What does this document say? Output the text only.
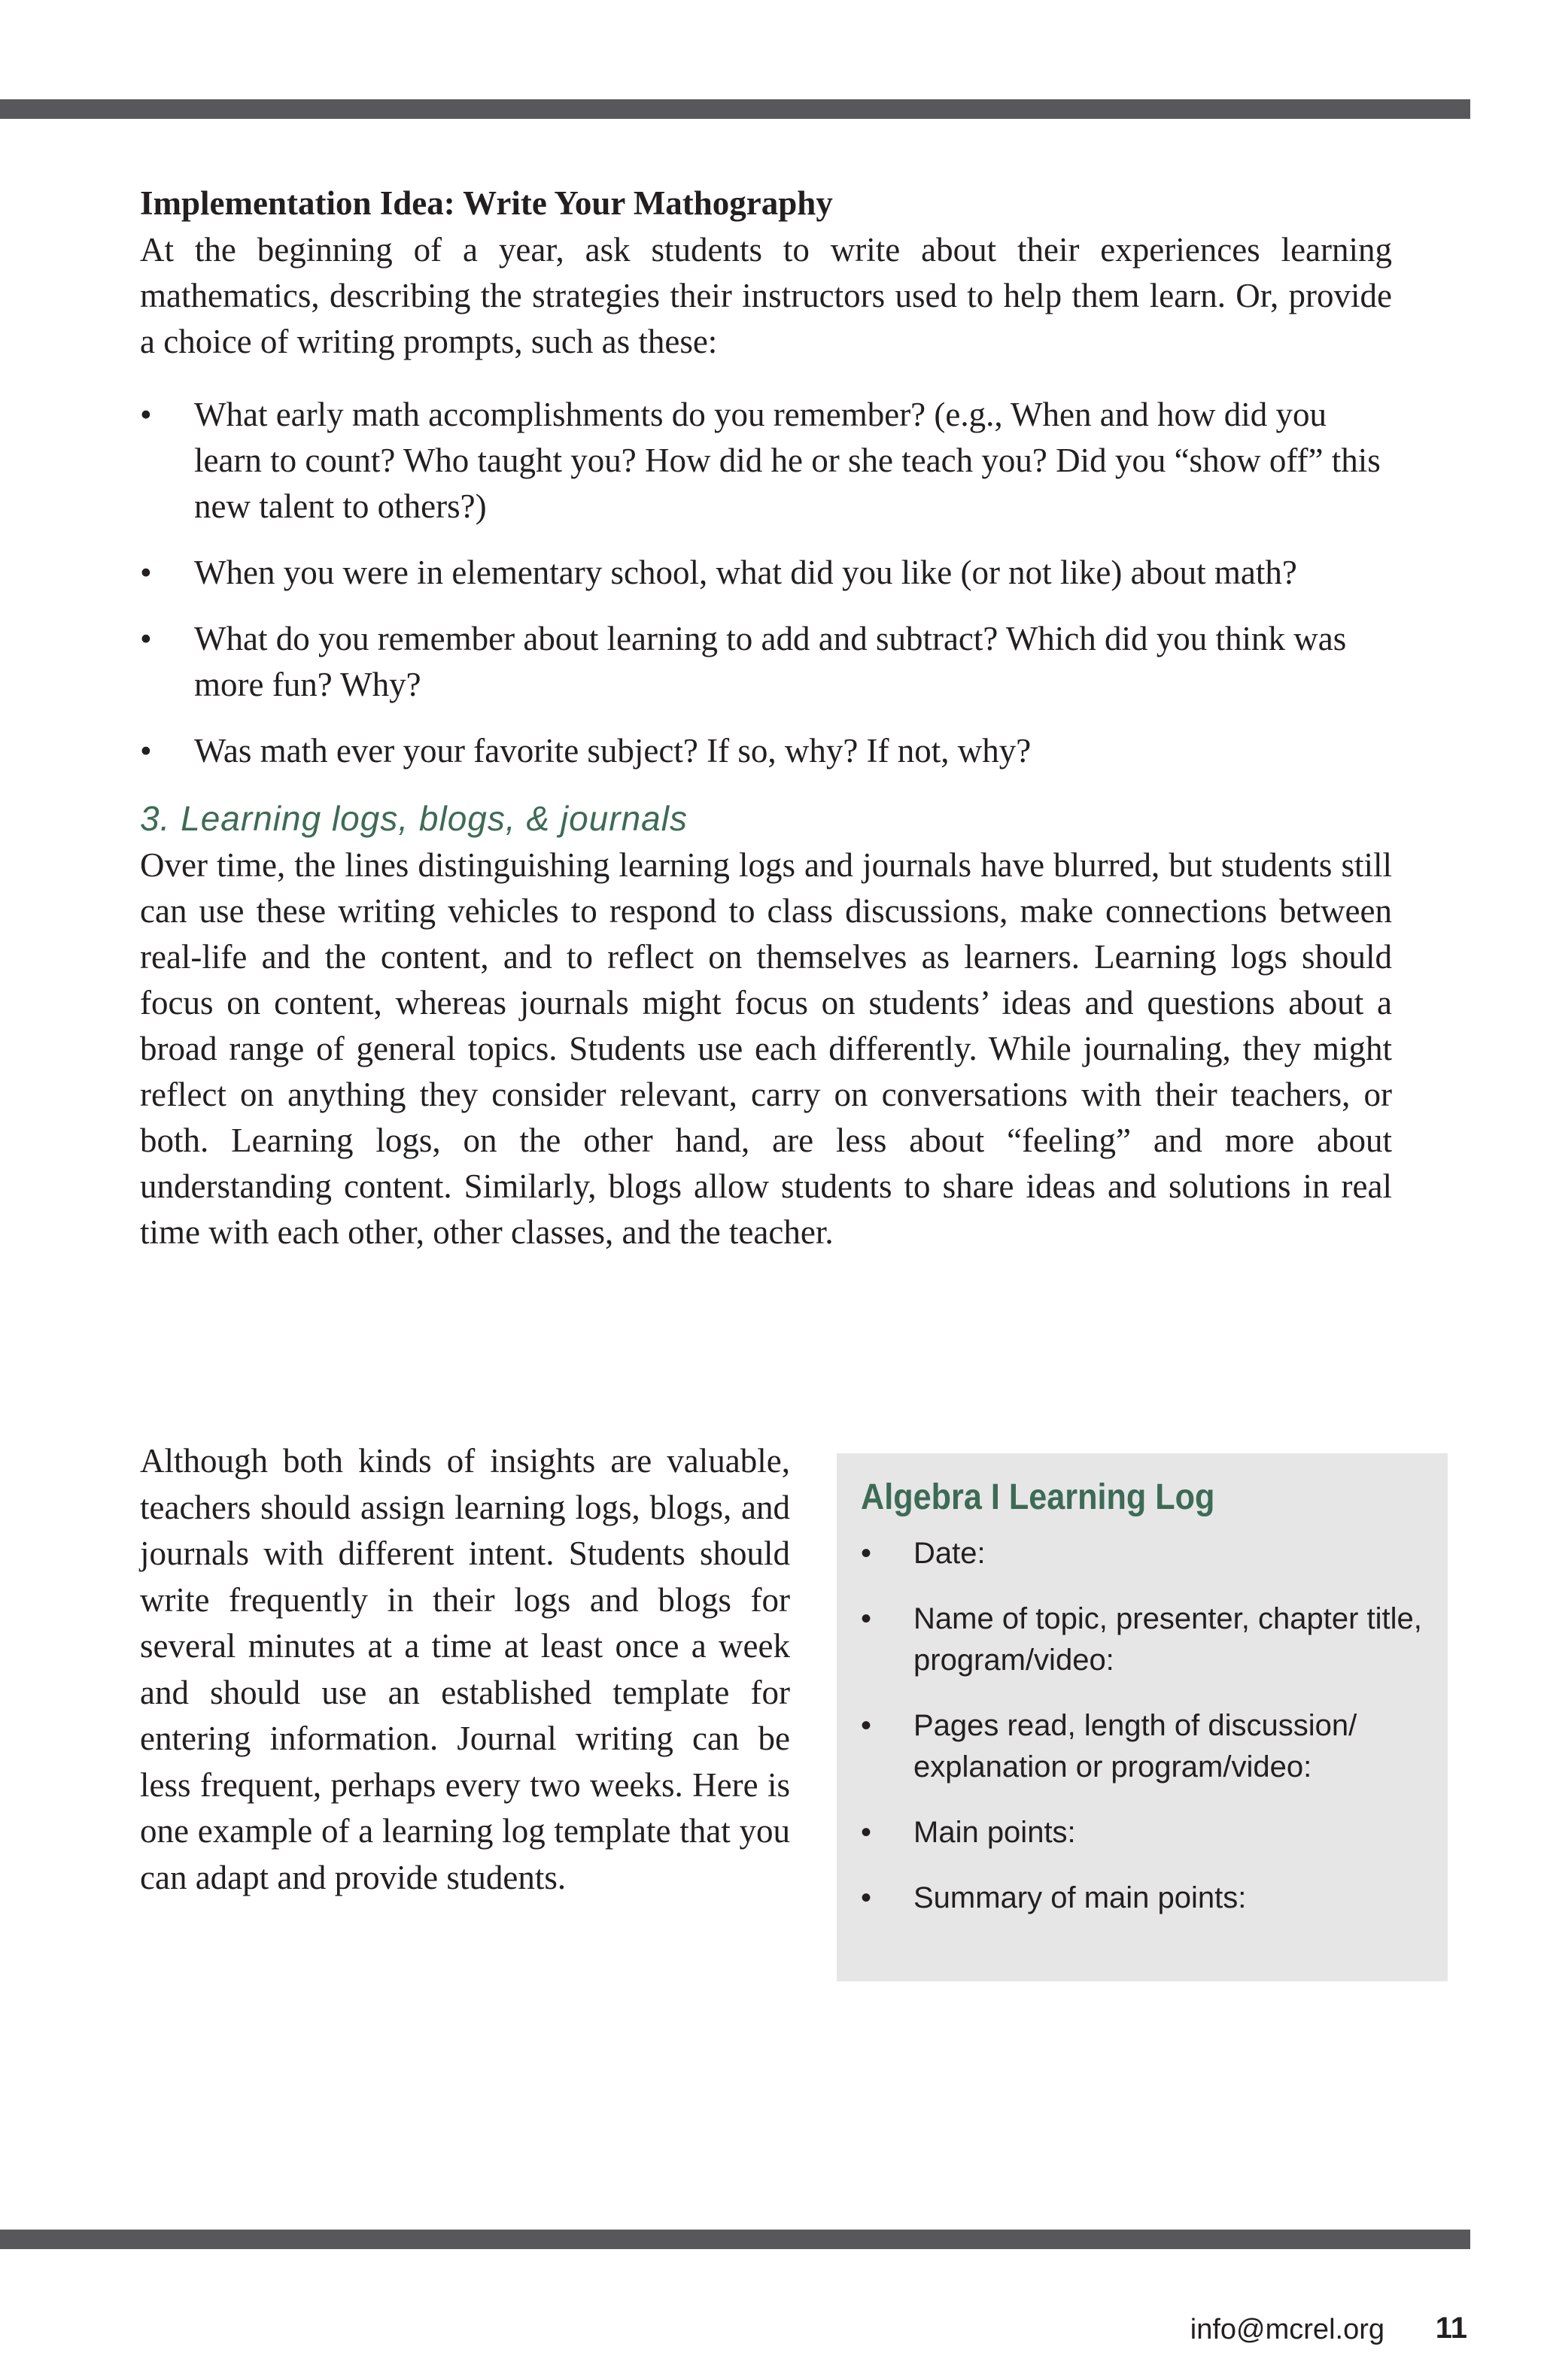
Implementation Idea: Write Your Mathography

At the beginning of a year, ask students to write about their experiences learning mathematics, describing the strategies their instructors used to help them learn. Or, provide a choice of writing prompts, such as these:

• What early math accomplishments do you remember? (e.g., When and how did you learn to count? Who taught you? How did he or she teach you? Did you “show off” this new talent to others?)
• When you were in elementary school, what did you like (or not like) about math?
• What do you remember about learning to add and subtract? Which did you think was more fun? Why?
• Was math ever your favorite subject? If so, why? If not, why?

3. Learning logs, blogs, & journals

Over time, the lines distinguishing learning logs and journals have blurred, but students still can use these writing vehicles to respond to class discussions, make connections between real-life and the content, and to reflect on themselves as learners. Learning logs should focus on content, whereas journals might focus on students’ ideas and questions about a broad range of general topics. Students use each differently. While journaling, they might reflect on anything they consider relevant, carry on conversations with their teachers, or both. Learning logs, on the other hand, are less about “feeling” and more about understanding content. Similarly, blogs allow students to share ideas and solutions in real time with each other, other classes, and the teacher.

Although both kinds of insights are valuable, teachers should assign learning logs, blogs, and journals with different intent. Students should write frequently in their logs and blogs for several minutes at a time at least once a week and should use an established template for entering information. Journal writing can be less frequent, perhaps every two weeks. Here is one example of a learning log template that you can adapt and provide students.
Algebra I Learning Log
• Date:
• Name of topic, presenter, chapter title, program/video:
• Pages read, length of discussion/ explanation or program/video:
• Main points:
• Summary of main points:
info@mcrel.org	11
